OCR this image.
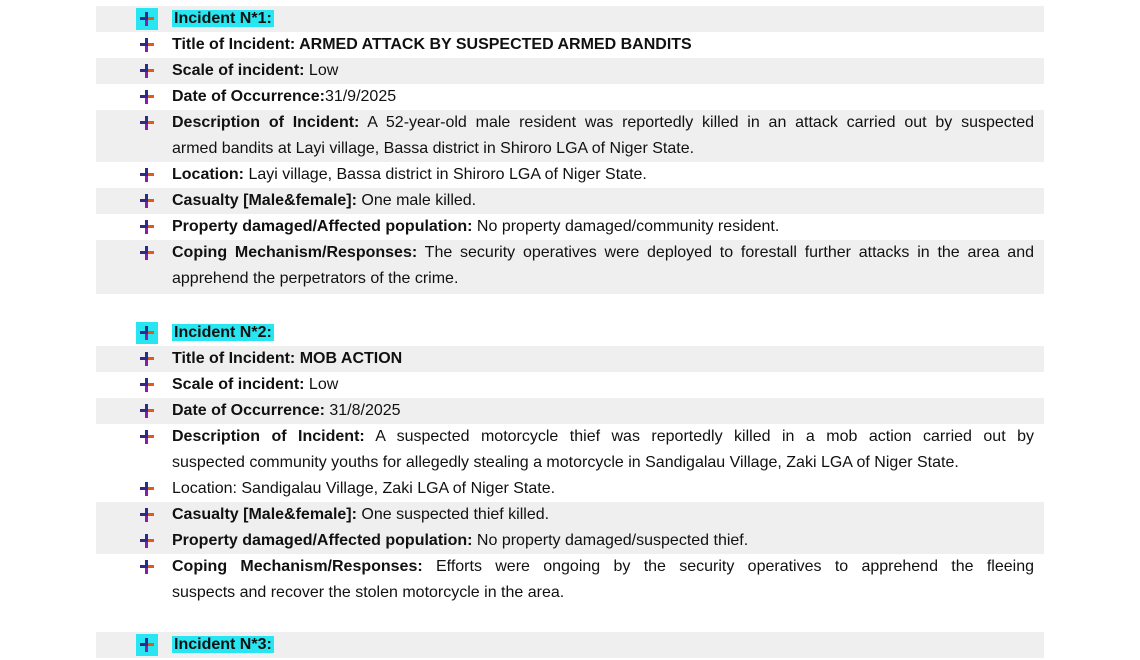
Incident N*1:
Title of Incident: ARMED ATTACK BY SUSPECTED ARMED BANDITS
Scale of incident: Low
Date of Occurrence:31/9/2025
Description of Incident: A 52-year-old male resident was reportedly killed in an attack carried out by suspected
armed bandits at Layi village, Bassa district in Shiroro LGA of Niger State.
Location: Layi village, Bassa district in Shiroro LGA of Niger State.
Casualty [Male&female]: One male killed.
Property damaged/Affected population: No property damaged/community resident.
Coping Mechanism/Responses: The security operatives were deployed to forestall further attacks in the area and
apprehend the perpetrators of the crime.
Incident N*2:
Title of Incident: MOB ACTION
Scale of incident: Low
Date of Occurrence: 31/8/2025
Description of Incident: A suspected motorcycle thief was reportedly killed in a mob action carried out by
suspected community youths for allegedly stealing a motorcycle in Sandigalau Village, Zaki LGA of Niger State.
Location: Sandigalau Village, Zaki LGA of Niger State.
Casualty [Male&female]: One suspected thief killed.
Property damaged/Affected population: No property damaged/suspected thief.
Coping Mechanism/Responses: Efforts were ongoing by the security operatives to apprehend the fleeing
suspects and recover the stolen motorcycle in the area.
Incident N*3:
